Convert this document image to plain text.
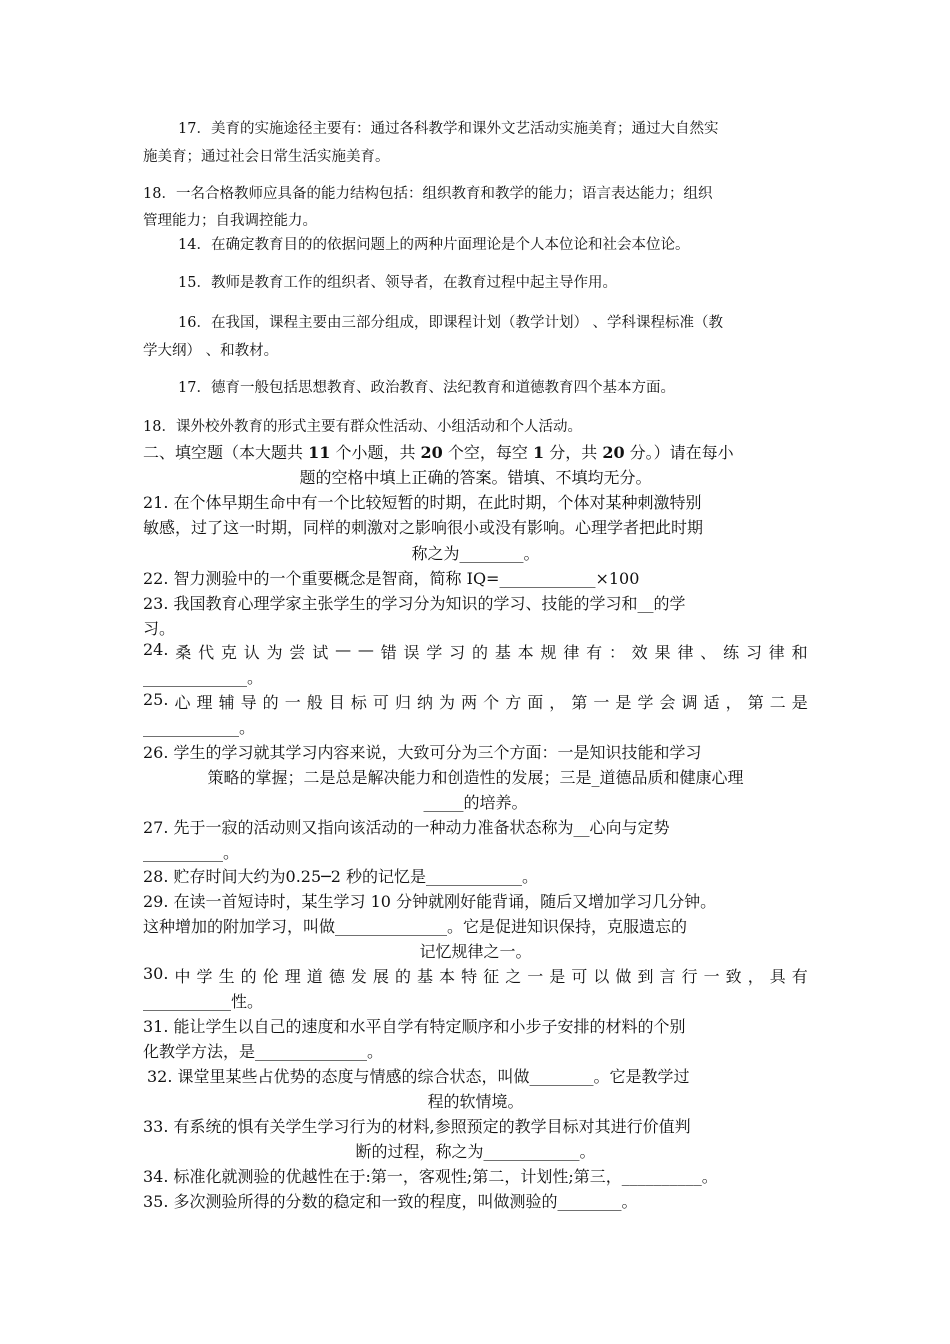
17．美育的实施途径主要有：通过各科教学和课外文艺活动实施美育；通过大自然实
施美育；通过社会日常生活实施美育。
18．一名合格教师应具备的能力结构包括：组织教育和教学的能力；语言表达能力；组织
管理能力；自我调控能力。
14．在确定教育目的的依据问题上的两种片面理论是个人本位论和社会本位论。
15．教师是教育工作的组织者、领导者，在教育过程中起主导作用。
16．在我国，课程主要由三部分组成，即课程计划（教学计划） 、学科课程标准（教
学大纲） 、和教材。
17．德育一般包括思想教育、政治教育、法纪教育和道德教育四个基本方面。
18．课外校外教育的形式主要有群众性活动、小组活动和个人活动。
二、填空题（本大题共 11 个小题，共 20 个空，每空 1 分，共 20 分。）请在每小
题的空格中填上正确的答案。错填、不填均无分。
21. 在个体早期生命中有一个比较短暂的时期，在此时期，个体对某种刺激特别
敏感，过了这一时期，同样的刺激对之影响很小或没有影响。心理学者把此时期
称之为________。
22. 智力测验中的一个重要概念是智商，简称 IQ=____________×100
23. 我国教育心理学家主张学生的学习分为知识的学习、技能的学习和__的学
习。
24. 桑 代 克 认 为 尝 试 — — 错 误 学 习 的 基 本 规 律 有 ： 效 果 律 、 练 习 律 和
_____________。
25. 心 理 辅 导 的 一 般 目 标 可 归 纳 为 两 个 方 面 ， 第 一 是 学 会 调 适 ， 第 二 是
____________。
26. 学生的学习就其学习内容来说，大致可分为三个方面：一是知识技能和学习
策略的掌握；二是总是解决能力和创造性的发展；三是_道德品质和健康心理
_____的培养。
27. 先于一寂的活动则又指向该活动的一种动力准备状态称为__心向与定势
__________。
28. 贮存时间大约为0.25─2 秒的记忆是____________。
29. 在读一首短诗时，某生学习 10 分钟就刚好能背诵，随后又增加学习几分钟。
这种增加的附加学习，叫做______________。它是促进知识保持，克服遗忘的
记忆规律之一。
30. 中 学 生 的 伦 理 道 德 发 展 的 基 本 特 征 之 一 是 可 以 做 到 言 行 一 致 ， 具 有
___________性。
31. 能让学生以自己的速度和水平自学有特定顺序和小步子安排的材料的个别
化教学方法，是______________。
32. 课堂里某些占优势的态度与情感的综合状态，叫做________。它是教学过
程的软情境。
33. 有系统的惧有关学生学习行为的材料,参照预定的教学目标对其进行价值判
断的过程，称之为____________。
34. 标准化就测验的优越性在于:第一，客观性;第二，计划性;第三，__________。
35. 多次测验所得的分数的稳定和一致的程度，叫做测验的________。
